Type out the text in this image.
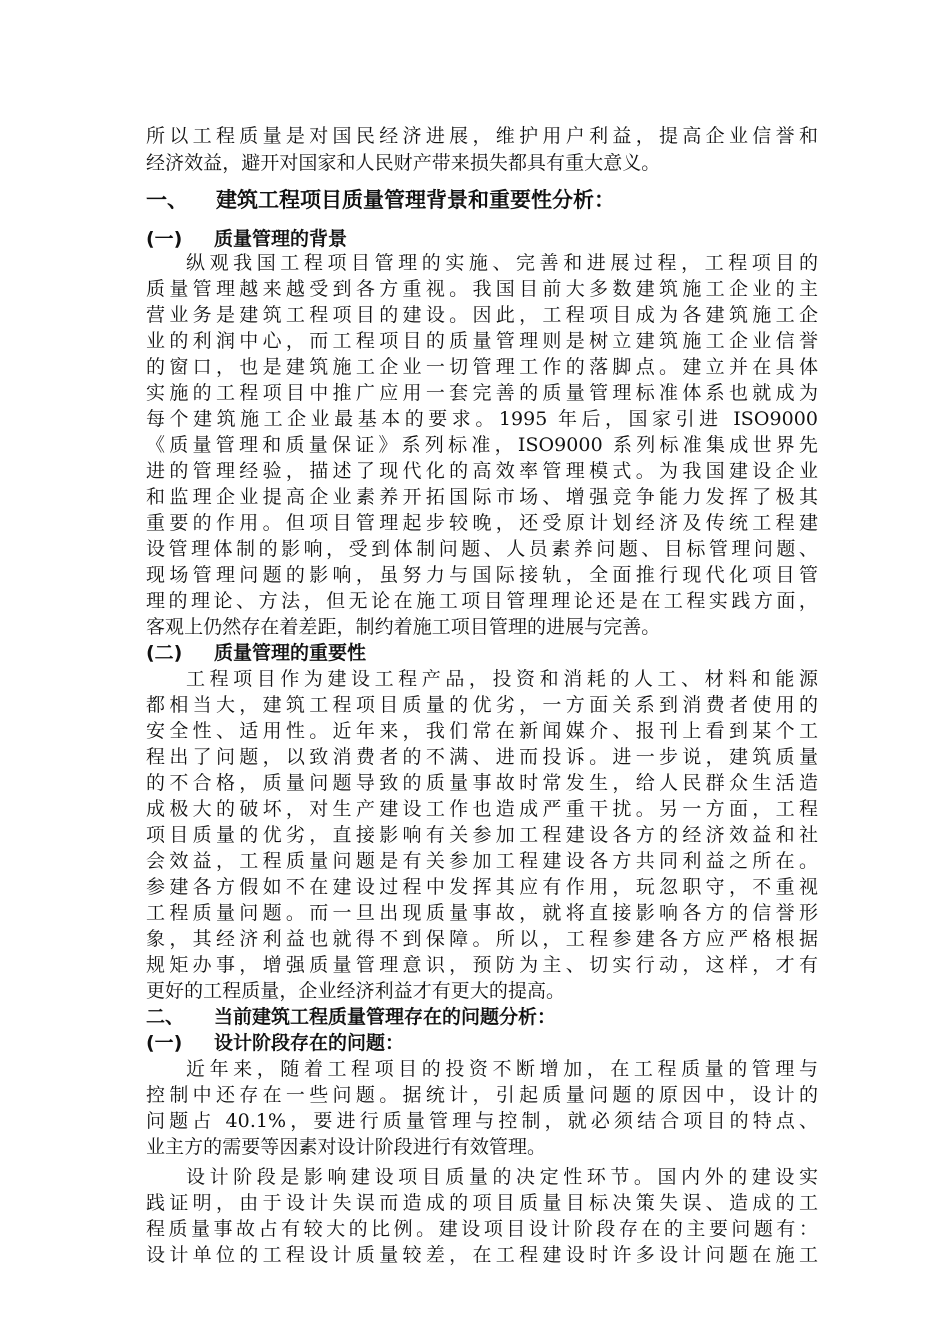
所以工程质量是对国民经济进展，维护用户利益，提高企业信誉和
经济效益，避开对国家和人民财产带来损失都具有重大意义。
一、 建筑工程项目质量管理背景和重要性分析：
(一) 质量管理的背景
纵观我国工程项目管理的实施、完善和进展过程，工程项目的
质量管理越来越受到各方重视。我国目前大多数建筑施工企业的主
营业务是建筑工程项目的建设。因此，工程项目成为各建筑施工企
业的利润中心，而工程项目的质量管理则是树立建筑施工企业信誉
的窗口，也是建筑施工企业一切管理工作的落脚点。建立并在具体
实施的工程项目中推广应用一套完善的质量管理标准体系也就成为
每个建筑施工企业最基本的要求。1995 年后，国家引进 ISO9000
《质量管理和质量保证》系列标准，ISO9000 系列标准集成世界先
进的管理经验，描述了现代化的高效率管理模式。为我国建设企业
和监理企业提高企业素养开拓国际市场、增强竞争能力发挥了极其
重要的作用。但项目管理起步较晚，还受原计划经济及传统工程建
设管理体制的影响，受到体制问题、人员素养问题、目标管理问题、
现场管理问题的影响，虽努力与国际接轨，全面推行现代化项目管
理的理论、方法，但无论在施工项目管理理论还是在工程实践方面，
客观上仍然存在着差距，制约着施工项目管理的进展与完善。
(二) 质量管理的重要性
工程项目作为建设工程产品，投资和消耗的人工、材料和能源
都相当大，建筑工程项目质量的优劣，一方面关系到消费者使用的
安全性、适用性。近年来，我们常在新闻媒介、报刊上看到某个工
程出了问题，以致消费者的不满、进而投诉。进一步说，建筑质量
的不合格，质量问题导致的质量事故时常发生，给人民群众生活造
成极大的破坏，对生产建设工作也造成严重干扰。另一方面，工程
项目质量的优劣，直接影响有关参加工程建设各方的经济效益和社
会效益，工程质量问题是有关参加工程建设各方共同利益之所在。
参建各方假如不在建设过程中发挥其应有作用，玩忽职守，不重视
工程质量问题。而一旦出现质量事故，就将直接影响各方的信誉形
象，其经济利益也就得不到保障。所以，工程参建各方应严格根据
规矩办事，增强质量管理意识，预防为主、切实行动，这样，才有
更好的工程质量，企业经济利益才有更大的提高。
二、 当前建筑工程质量管理存在的问题分析：
(一) 设计阶段存在的问题：
近年来，随着工程项目的投资不断增加，在工程质量的管理与
控制中还存在一些问题。据统计，引起质量问题的原因中，设计的
问题占 40.1%，要进行质量管理与控制，就必须结合项目的特点、
业主方的需要等因素对设计阶段进行有效管理。
设计阶段是影响建设项目质量的决定性环节。国内外的建设实
践证明，由于设计失误而造成的项目质量目标决策失误、造成的工
程质量事故占有较大的比例。建设项目设计阶段存在的主要问题有：
设计单位的工程设计质量较差，在工程建设时许多设计问题在施工
